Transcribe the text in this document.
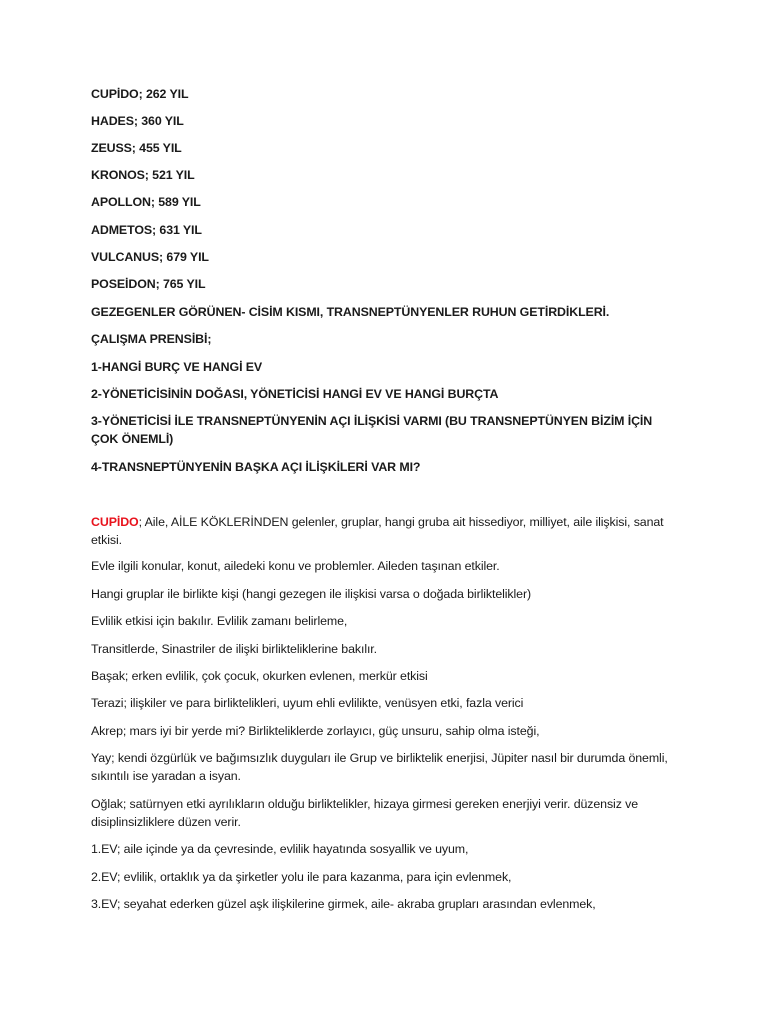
CUPİDO; 262 YIL
HADES; 360 YIL
ZEUSS; 455 YIL
KRONOS; 521 YIL
APOLLON; 589 YIL
ADMETOS; 631 YIL
VULCANUS; 679 YIL
POSEİDON; 765 YIL
GEZEGENLER GÖRÜNEN- CİSİM KISMI, TRANSNEPTÜNYENLER RUHUN GETİRDİKLERİ.
ÇALIŞMA PRENSİBİ;
1-HANGİ BURÇ VE HANGİ EV
2-YÖNETİCİSİNİN DOĞASI, YÖNETİCİSİ HANGİ EV VE HANGİ BURÇTA
3-YÖNETİCİSİ İLE TRANSNEPTÜNYENİN AÇI İLİŞKİSİ VARMI (BU TRANSNEPTÜNYEN BİZİM İÇİN ÇOK ÖNEMLİ)
4-TRANSNEPTÜNYENİN BAŞKA AÇI İLİŞKİLERİ VAR MI?
CUPİDO; Aile, AİLE KÖKLERİNDEN gelenler, gruplar, hangi gruba ait hissediyor, milliyet, aile ilişkisi, sanat etkisi.
Evle ilgili konular, konut, ailedeki konu ve problemler. Aileden taşınan etkiler.
Hangi gruplar ile birlikte kişi (hangi gezegen ile ilişkisi varsa o doğada birliktelikler)
Evlilik etkisi için bakılır. Evlilik zamanı belirleme,
Transitlerde, Sinastriler de ilişki birlikteliklerine bakılır.
Başak; erken evlilik, çok çocuk, okurken evlenen, merkür etkisi
Terazi; ilişkiler ve para birliktelikleri, uyum ehli evlilikte, venüsyen etki, fazla verici
Akrep; mars iyi bir yerde mi? Birlikteliklerde zorlayıcı, güç unsuru, sahip olma isteği,
Yay; kendi özgürlük ve bağımsızlık duyguları ile Grup ve birliktelik enerjisi, Jüpiter nasıl bir durumda önemli, sıkıntılı ise yaradan a isyan.
Oğlak; satürnyen etki ayrılıkların olduğu birliktelikler, hizaya girmesi gereken enerjiyi verir. düzensiz ve disiplinsizliklere düzen verir.
1.EV; aile içinde ya da çevresinde, evlilik hayatında sosyallik ve uyum,
2.EV; evlilik, ortaklık ya da şirketler yolu ile para kazanma, para için evlenmek,
3.EV; seyahat ederken güzel aşk ilişkilerine girmek, aile- akraba grupları arasından evlenmek,
